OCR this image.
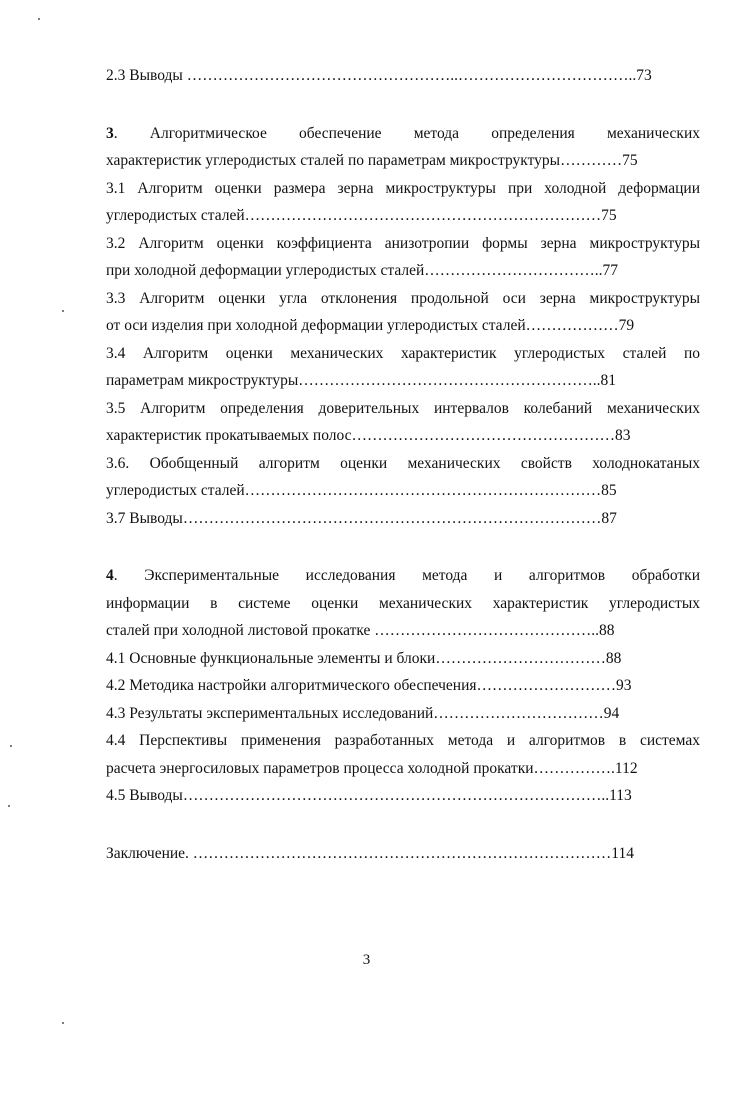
2.3 Выводы ……………………………………………..……………………………..73
3. Алгоритмическое обеспечение метода определения механических
характеристик углеродистых сталей по параметрам микроструктуры…………75
3.1 Алгоритм оценки размера зерна микроструктуры при холодной деформации
углеродистых сталей……………………………………………………………75
3.2 Алгоритм оценки коэффициента анизотропии формы зерна микроструктуры
при холодной деформации углеродистых сталей……………………………..77
3.3 Алгоритм оценки угла отклонения продольной оси зерна микроструктуры
от оси изделия при холодной деформации углеродистых сталей………………79
3.4 Алгоритм оценки механических характеристик углеродистых сталей по
параметрам микроструктуры…………………………………………………..81
3.5 Алгоритм определения доверительных интервалов колебаний механических
характеристик прокатываемых полос……………………………………………83
3.6. Обобщенный алгоритм оценки механических свойств холоднокатаных
углеродистых сталей……………………………………………………………85
3.7 Выводы………………………………………………………………………87
4. Экспериментальные исследования метода и алгоритмов обработки
информации в системе оценки механических характеристик углеродистых
сталей при холодной листовой прокатке ……………………………………..88
4.1 Основные функциональные элементы и блоки……………………………88
4.2 Методика настройки алгоритмического обеспечения………………………93
4.3 Результаты экспериментальных исследований……………………………94
4.4 Перспективы применения разработанных метода и алгоритмов в системах
расчета энергосиловых параметров процесса холодной прокатки…………….112
4.5 Выводы………………………………………………………………………..113
Заключение. ………………………………………………………………………114
3
